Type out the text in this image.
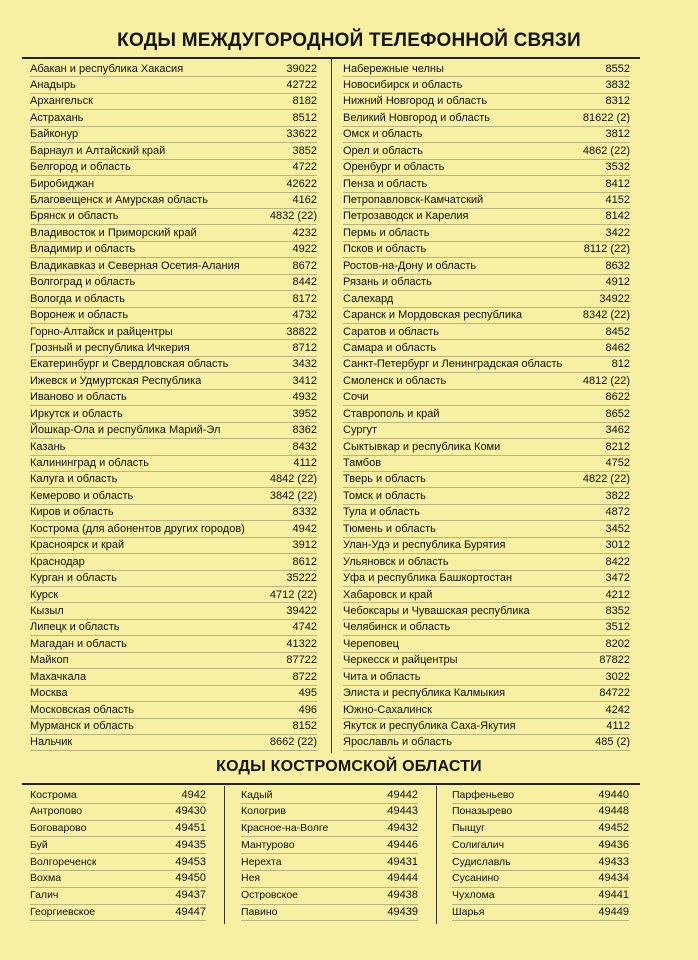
КОДЫ МЕЖДУГОРОДНОЙ ТЕЛЕФОННОЙ СВЯЗИ
Абакан и республика Хакасия	39022
Анадырь	42722
Архангельск	8182
Астрахань	8512
Байконур	33622
Барнаул и Алтайский край	3852
Белгород и область	4722
Биробиджан	42622
Благовещенск и Амурская область	4162
Брянск и область	4832 (22)
Владивосток и Приморский край	4232
Владимир и область	4922
Владикавказ и Северная Осетия-Алания	8672
Волгоград и область	8442
Вологда и область	8172
Воронеж и область	4732
Горно-Алтайск и райцентры	38822
Грозный и республика Ичкерия	8712
Екатеринбург и Свердловская область	3432
Ижевск и Удмуртская Республика	3412
Иваново и область	4932
Иркутск и область	3952
Йошкар-Ола и республика Марий-Эл	8362
Казань	8432
Калининград и область	4112
Калуга и область	4842 (22)
Кемерово и область	3842 (22)
Киров и область	8332
Кострома (для абонентов других городов)	4942
Красноярск и край	3912
Краснодар	8612
Курган и область	35222
Курск	4712 (22)
Кызыл	39422
Липецк и область	4742
Магадан и область	41322
Майкоп	87722
Махачкала	8722
Москва	495
Московская область	496
Мурманск и область	8152
Нальчик	8662 (22)
Набережные челны	8552
Новосибирск и область	3832
Нижний Новгород и область	8312
Великий Новгород и область	81622 (2)
Омск и область	3812
Орел и область	4862 (22)
Оренбург и область	3532
Пенза и область	8412
Петропавловск-Камчатский	4152
Петрозаводск и Карелия	8142
Пермь и область	3422
Псков и область	8112 (22)
Ростов-на-Дону и область	8632
Рязань и область	4912
Салехард	34922
Саранск и Мордовская республика	8342 (22)
Саратов и область	8452
Самара и область	8462
Санкт-Петербург и Ленинградская область	812
Смоленск и область	4812 (22)
Сочи	8622
Ставрополь и край	8652
Сургут	3462
Сыктывкар и республика Коми	8212
Тамбов	4752
Тверь и область	4822 (22)
Томск и область	3822
Тула и область	4872
Тюмень и область	3452
Улан-Удэ и республика Бурятия	3012
Ульяновск и область	8422
Уфа и республика Башкортостан	3472
Хабаровск и край	4212
Чебоксары и Чувашская республика	8352
Челябинск и область	3512
Череповец	8202
Черкесск и райцентры	87822
Чита и область	3022
Элиста и республика Калмыкия	84722
Южно-Сахалинск	4242
Якутск и республика Саха-Якутия	4112
Ярославль и область	485 (2)
КОДЫ КОСТРОМСКОЙ ОБЛАСТИ
Кострома	4942
Антропово	49430
Боговарово	49451
Буй	49435
Волгореченск	49453
Вохма	49450
Галич	49437
Георгиевское	49447
Кадый	49442
Кологрив	49443
Красное-на-Волге	49432
Мантурово	49446
Нерехта	49431
Нея	49444
Островское	49438
Павино	49439
Парфеньево	49440
Поназырево	49448
Пыщуг	49452
Солигалич	49436
Судиславль	49433
Сусанино	49434
Чухлома	49441
Шарья	49449
